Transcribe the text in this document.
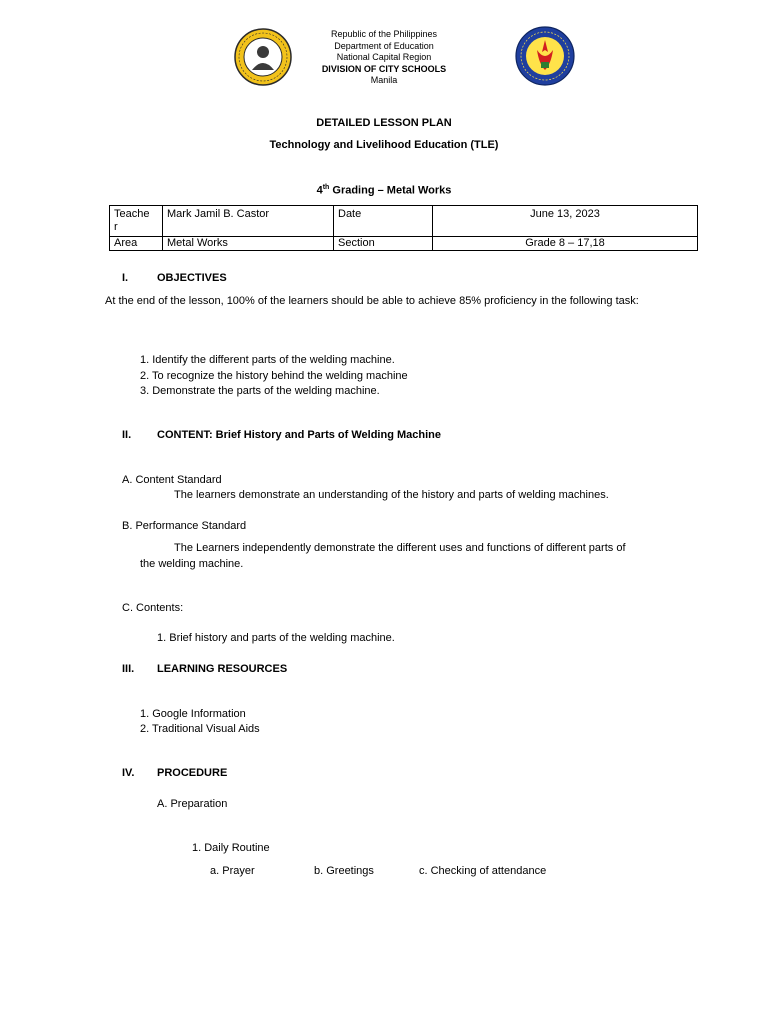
Republic of the Philippines
Department of Education
National Capital Region
DIVISION OF CITY SCHOOLS
Manila
DETAILED LESSON PLAN
Technology and Livelihood Education (TLE)
4th Grading – Metal Works
Teache
r	Mark Jamil B. Castor	Date	June 13, 2023
Area	Metal Works	Section	Grade 8 – 17,18
I.	OBJECTIVES
At the end of the lesson, 100% of the learners should be able to achieve 85% proficiency in the following task:
1. Identify the different parts of the welding machine.
2. To recognize the history behind the welding machine
3. Demonstrate the parts of the welding machine.
II. CONTENT: Brief History and Parts of Welding Machine
A. Content Standard
The learners demonstrate an understanding of the history and parts of welding machines.
B. Performance Standard
The Learners independently demonstrate the different uses and functions of different parts of
the welding machine.
C. Contents:
1. Brief history and parts of the welding machine.
III. LEARNING RESOURCES
1. Google Information
2. Traditional Visual Aids
IV. PROCEDURE
A. Preparation
1. Daily Routine
a. Prayer	b. Greetings	c. Checking of attendance
